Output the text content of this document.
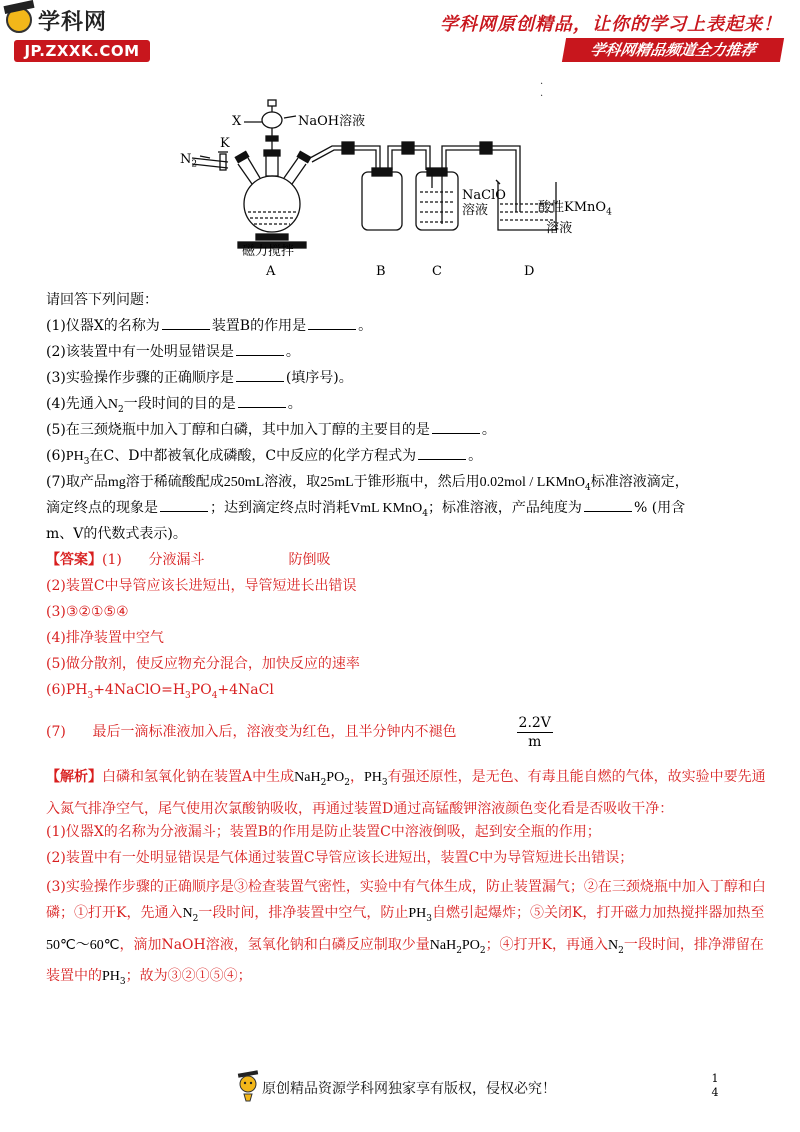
学科网
JP.ZXXK.COM
学科网原创精品，让你的学习上表起来！
学科网精品频道全力推荐
.
.
X	NaOH溶液
K
$N_2$
NaClO
溶液	酸性KMnO$_4$
溶液
磁力搅拌
A	B	C	D
请回答下列问题：
(1)仪器X的名称为	装置B的作用是	。
(2)该装置中有一处明显错误是	。
(3)实验操作步骤的正确顺序是	(填序号)。
(4)先通入$N_2$一段时间的目的是	。
(5)在三颈烧瓶中加入丁醇和白磷，其中加入丁醇的主要目的是	。
$(6)PH_3$在C、D中都被氧化成磷酸，C中反应的化学方程式为	。
(7)取产品mg溶于稀硫酸配成250mL溶液，取25mL于锥形瓶中，然后用0.02mol / LKMnO$_4$标准溶液滴定，
滴定终点的现象是	；达到滴定终点时消耗VmL KMnO$_4$；标准溶液，产品纯度为	% (用含
m、V的代数式表示)。
【答案】(1) 分液漏斗	防倒吸
(2)装置C中导管应该长进短出，导管短进长出错误
(3)③②①⑤④
(4)排净装置中空气
(5)做分散剂，使反应物充分混合，加快反应的速率
$(6)PH_3+4NaClO=H_3PO_4+4NaCl$
(7) 最后一滴标准液加入后，溶液变为红色，且半分钟内不褪色	$\frac{2.2V}{m}$
【解析】白磷和氢氧化钠在装置A中生成$NaH_2PO_2$，$PH_3$有强还原性，是无色、有毒且能自燃的气体，故实验中要先通入氮气排净空气，尾气使用次氯酸钠吸收，再通过装置D通过高锰酸钾溶液颜色变化看是否吸收干净：
(1)仪器X的名称为分液漏斗；装置B的作用是防止装置C中溶液倒吸，起到安全瓶的作用；
(2)装置中有一处明显错误是气体通过装置C导管应该长进短出，装置C中为导管短进长出错误；
(3)实验操作步骤的正确顺序是③检查装置气密性，实验中有气体生成，防止装置漏气；②在三颈烧瓶中加入丁醇和白磷；①打开K，先通入$N_2$一段时间，排净装置中空气，防止$PH_3$自燃引起爆炸；⑤关闭K，打开磁力加热搅拌器加热至50℃～60℃，滴加NaOH溶液，氢氧化钠和白磷反应制取少量$NaH_2PO_2$；④打开K，再通入$N_2$一段时间，排净滞留在装置中的$PH_3$；故为③②①⑤④；
原创精品资源学科网独家享有版权，侵权必究！
1
4
